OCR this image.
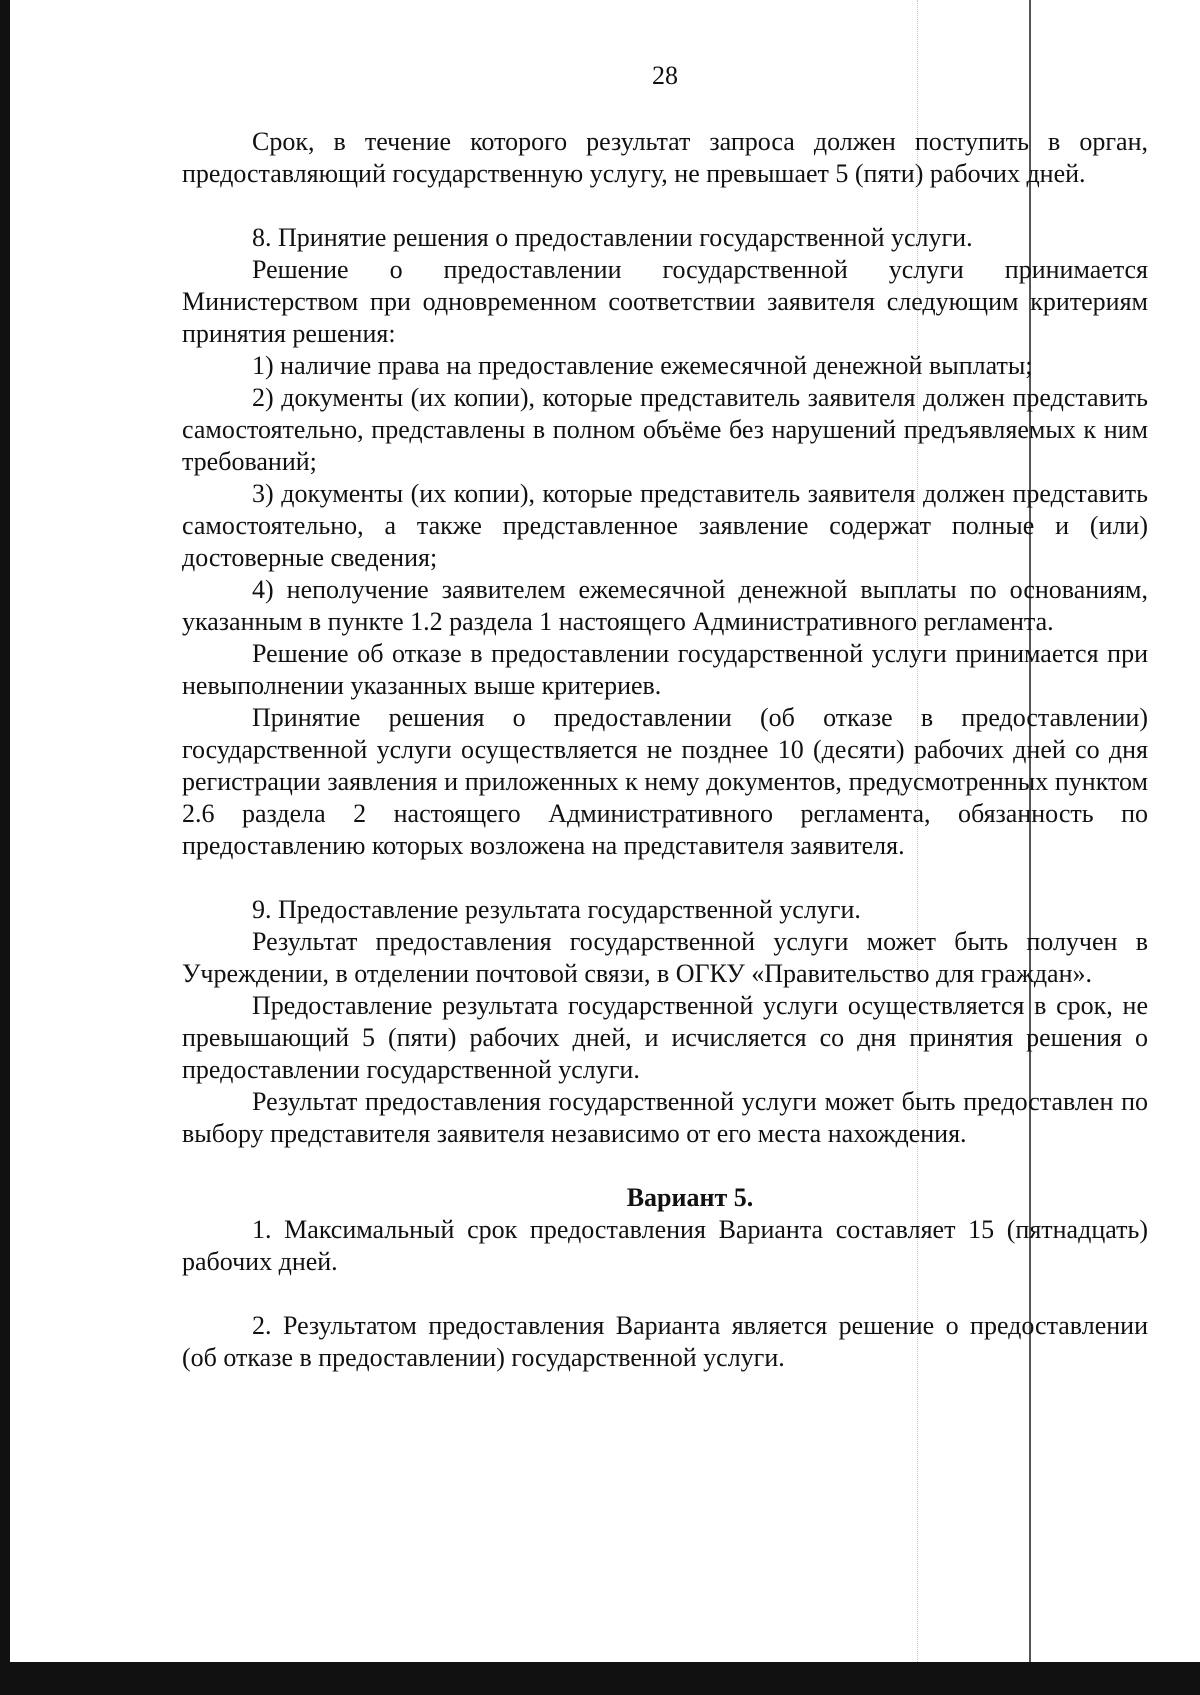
28

Срок, в течение которого результат запроса должен поступить в орган, предоставляющий государственную услугу, не превышает 5 (пяти) рабочих дней.

8. Принятие решения о предоставлении государственной услуги.

Решение о предоставлении государственной услуги принимается Министерством при одновременном соответствии заявителя следующим критериям принятия решения:

1) наличие права на предоставление ежемесячной денежной выплаты;

2) документы (их копии), которые представитель заявителя должен представить самостоятельно, представлены в полном объёме без нарушений предъявляемых к ним требований;

3) документы (их копии), которые представитель заявителя должен представить самостоятельно, а также представленное заявление содержат полные и (или) достоверные сведения;

4) неполучение заявителем ежемесячной денежной выплаты по основаниям, указанным в пункте 1.2 раздела 1 настоящего Административного регламента.

Решение об отказе в предоставлении государственной услуги принимается при невыполнении указанных выше критериев.

Принятие решения о предоставлении (об отказе в предоставлении) государственной услуги осуществляется не позднее 10 (десяти) рабочих дней со дня регистрации заявления и приложенных к нему документов, предусмотренных пунктом 2.6 раздела 2 настоящего Административного регламента, обязанность по предоставлению которых возложена на представителя заявителя.

9. Предоставление результата государственной услуги.

Результат предоставления государственной услуги может быть получен в Учреждении, в отделении почтовой связи, в ОГКУ «Правительство для граждан».

Предоставление результата государственной услуги осуществляется в срок, не превышающий 5 (пяти) рабочих дней, и исчисляется со дня принятия решения о предоставлении государственной услуги.

Результат предоставления государственной услуги может быть предоставлен по выбору представителя заявителя независимо от его места нахождения.

Вариант 5.

1. Максимальный срок предоставления Варианта составляет 15 (пятнадцать) рабочих дней.

2. Результатом предоставления Варианта является решение о предоставлении (об отказе в предоставлении) государственной услуги.
